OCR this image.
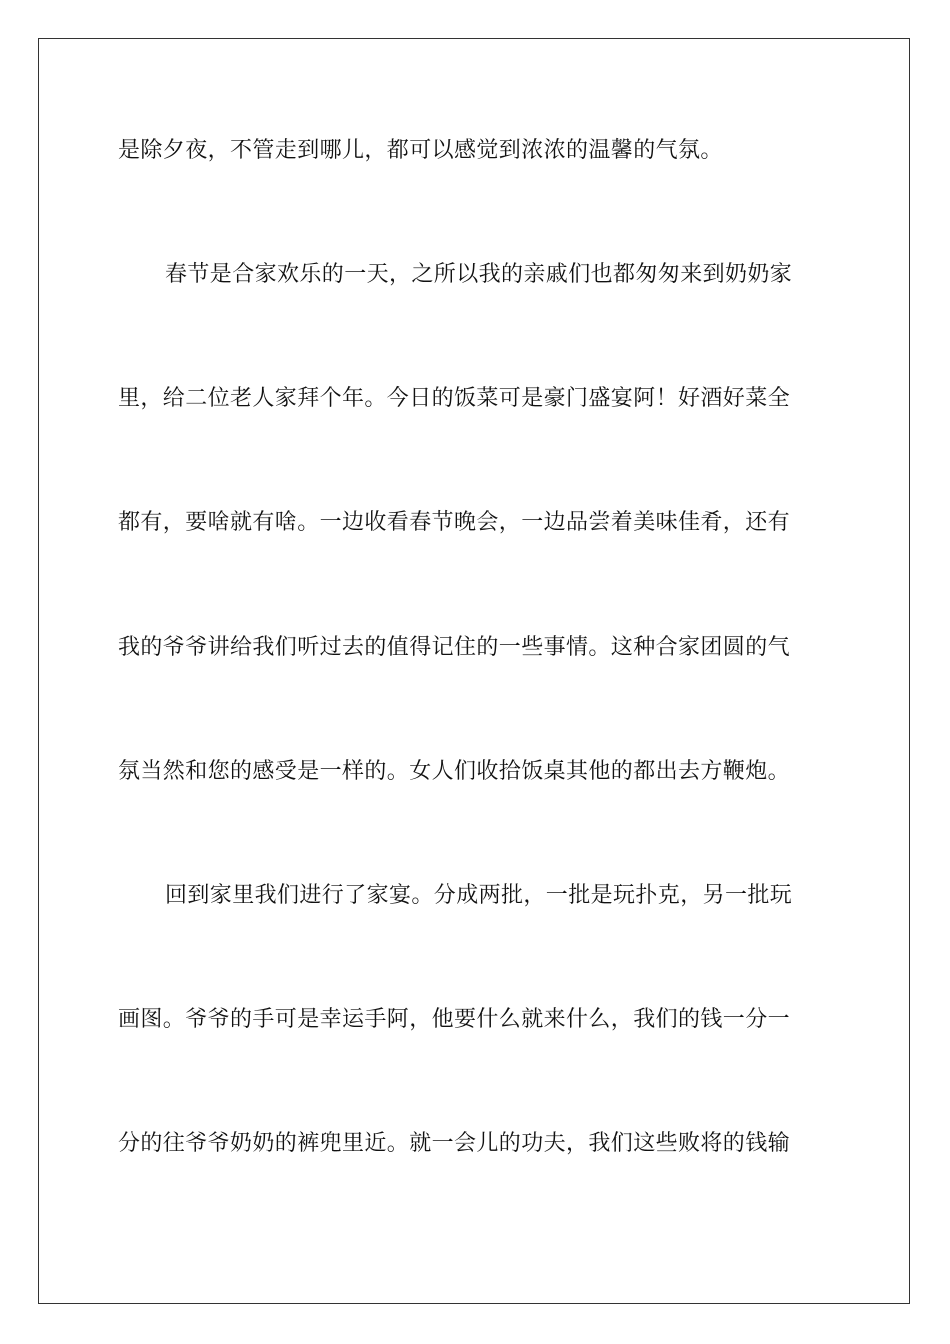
是除夕夜，不管走到哪儿，都可以感觉到浓浓的温馨的气氛。
春节是合家欢乐的一天，之所以我的亲戚们也都匆匆来到奶奶家
里，给二位老人家拜个年。今日的饭菜可是豪门盛宴阿！好酒好菜全
都有，要啥就有啥。一边收看春节晚会，一边品尝着美味佳肴，还有
我的爷爷讲给我们听过去的值得记住的一些事情。这种合家团圆的气
氛当然和您的感受是一样的。女人们收拾饭桌其他的都出去方鞭炮。
回到家里我们进行了家宴。分成两批，一批是玩扑克，另一批玩
画图。爷爷的手可是幸运手阿，他要什么就来什么，我们的钱一分一
分的往爷爷奶奶的裤兜里近。就一会儿的功夫，我们这些败将的钱输
